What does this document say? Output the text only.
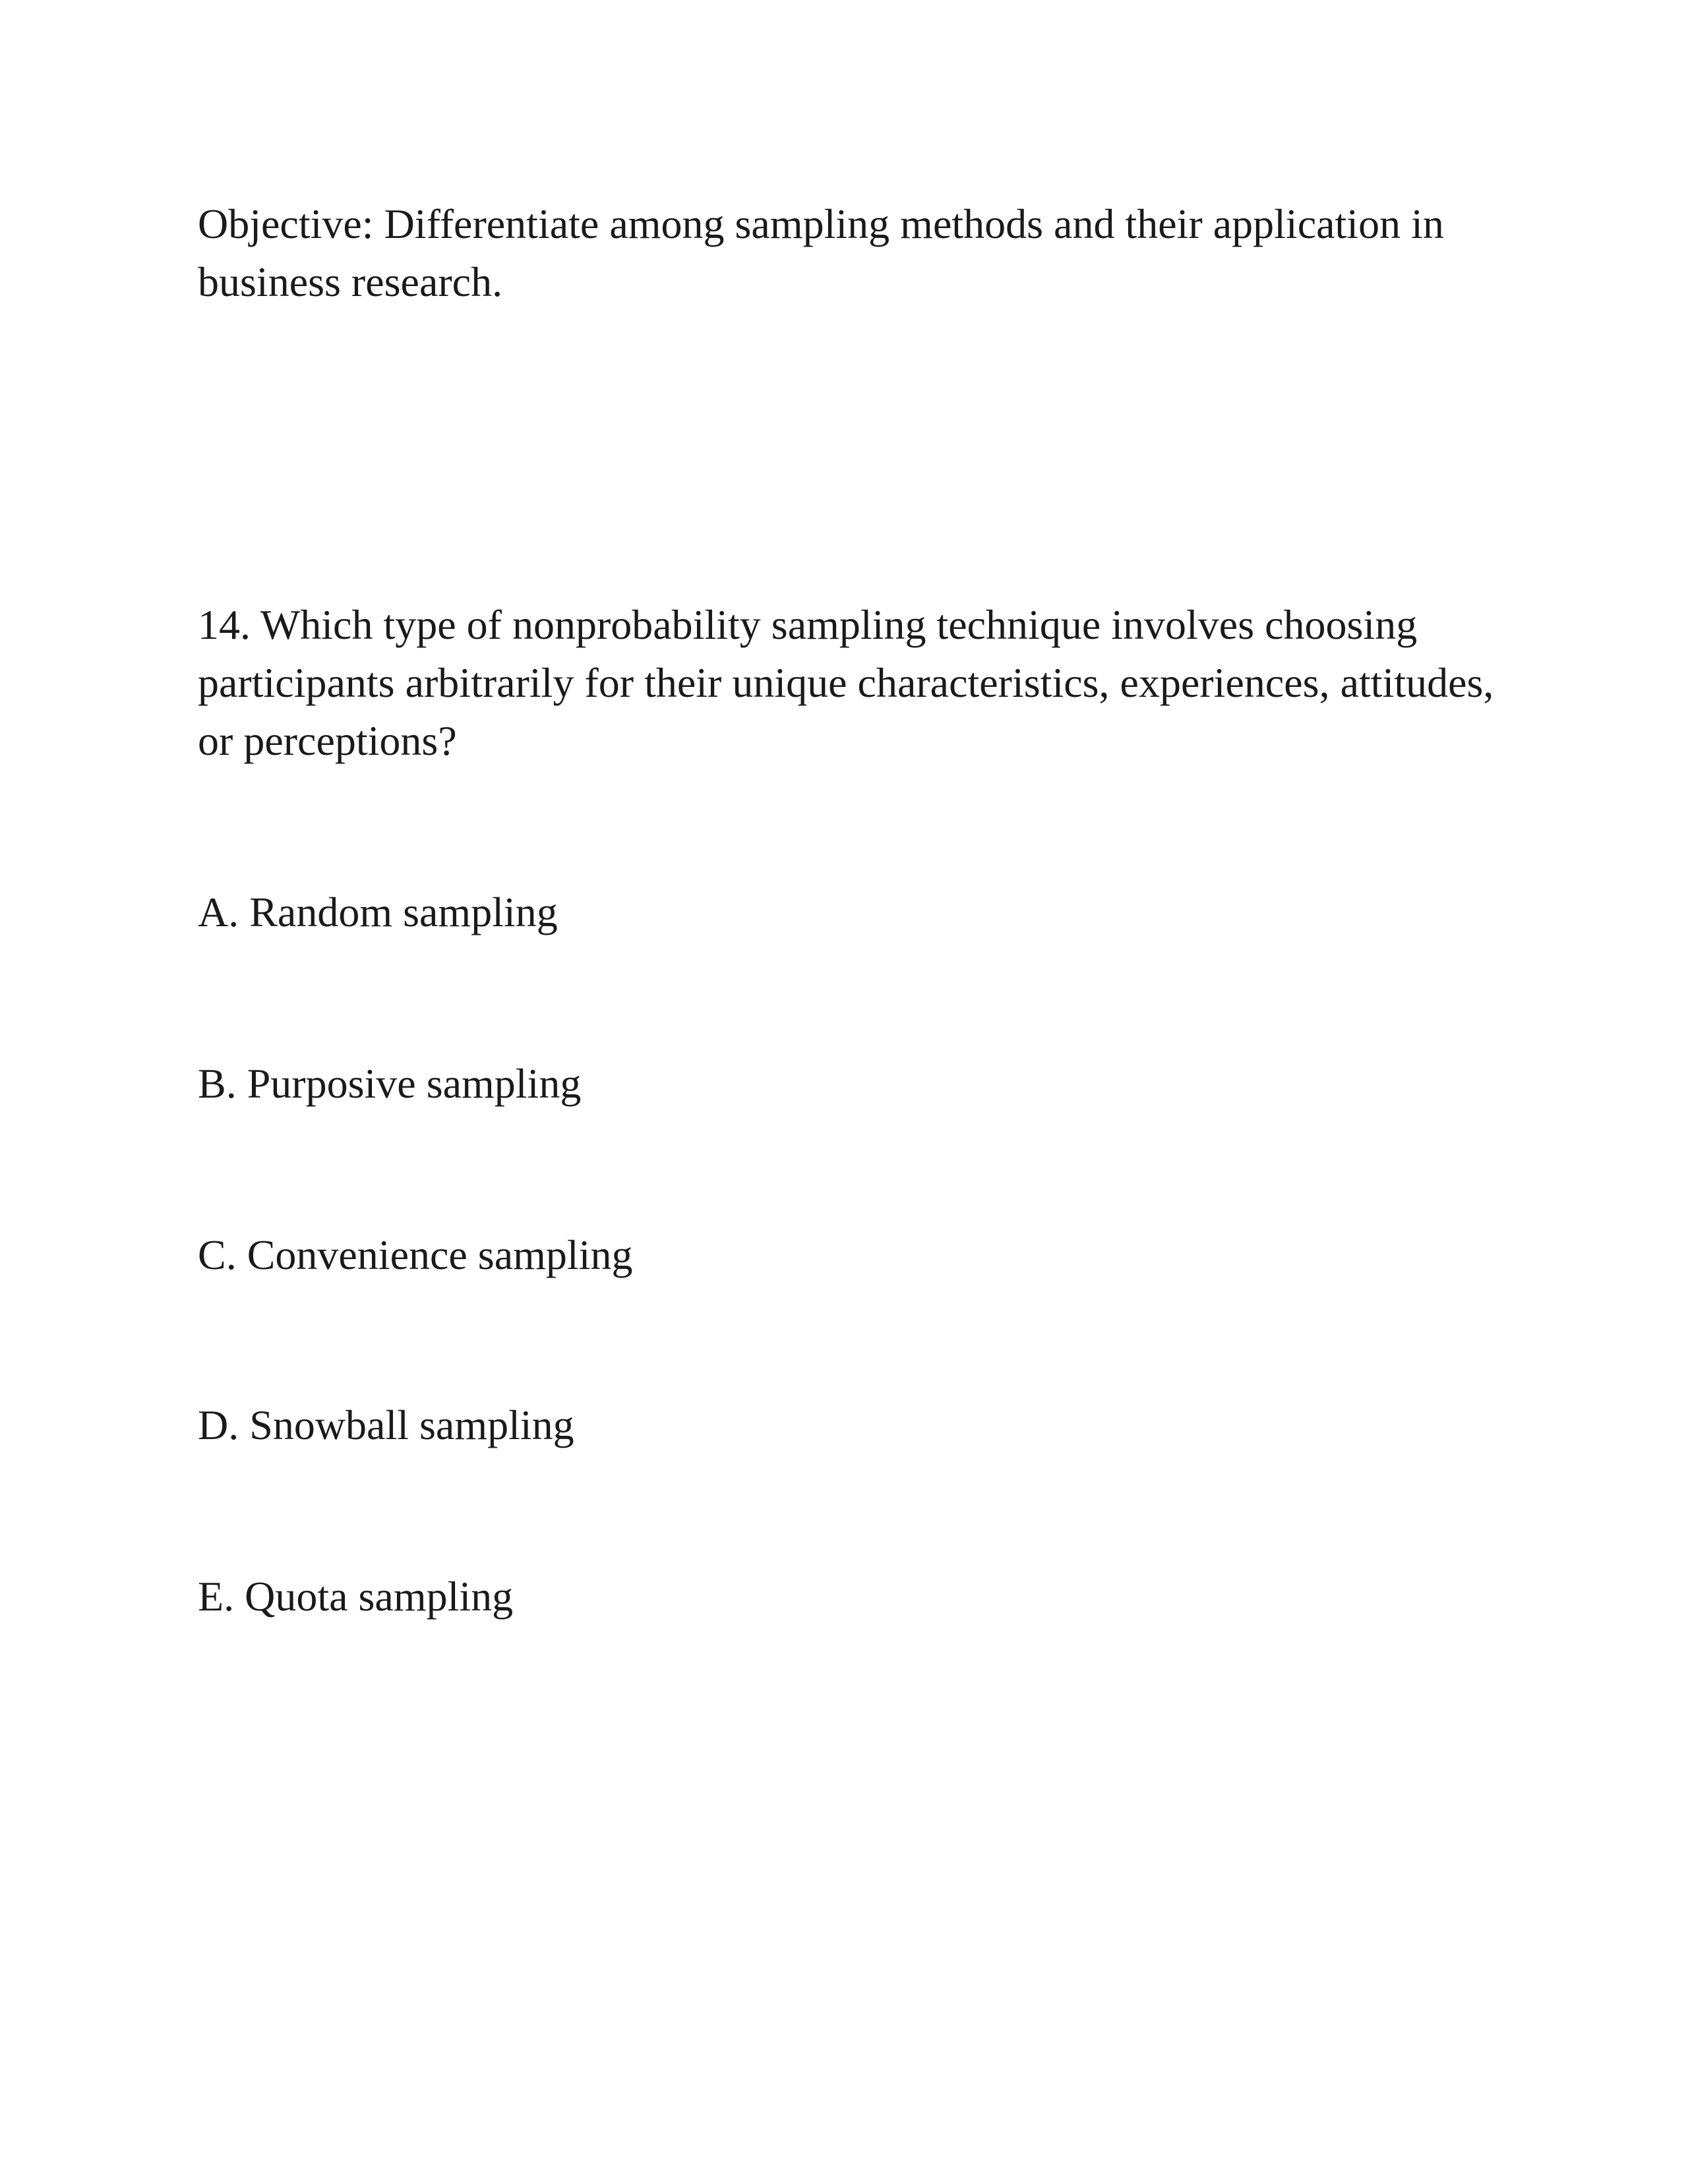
Objective: Differentiate among sampling methods and their application in business research.

14. Which type of nonprobability sampling technique involves choosing participants arbitrarily for their unique characteristics, experiences, attitudes, or perceptions?

A. Random sampling

B. Purposive sampling

C. Convenience sampling

D. Snowball sampling

E. Quota sampling
